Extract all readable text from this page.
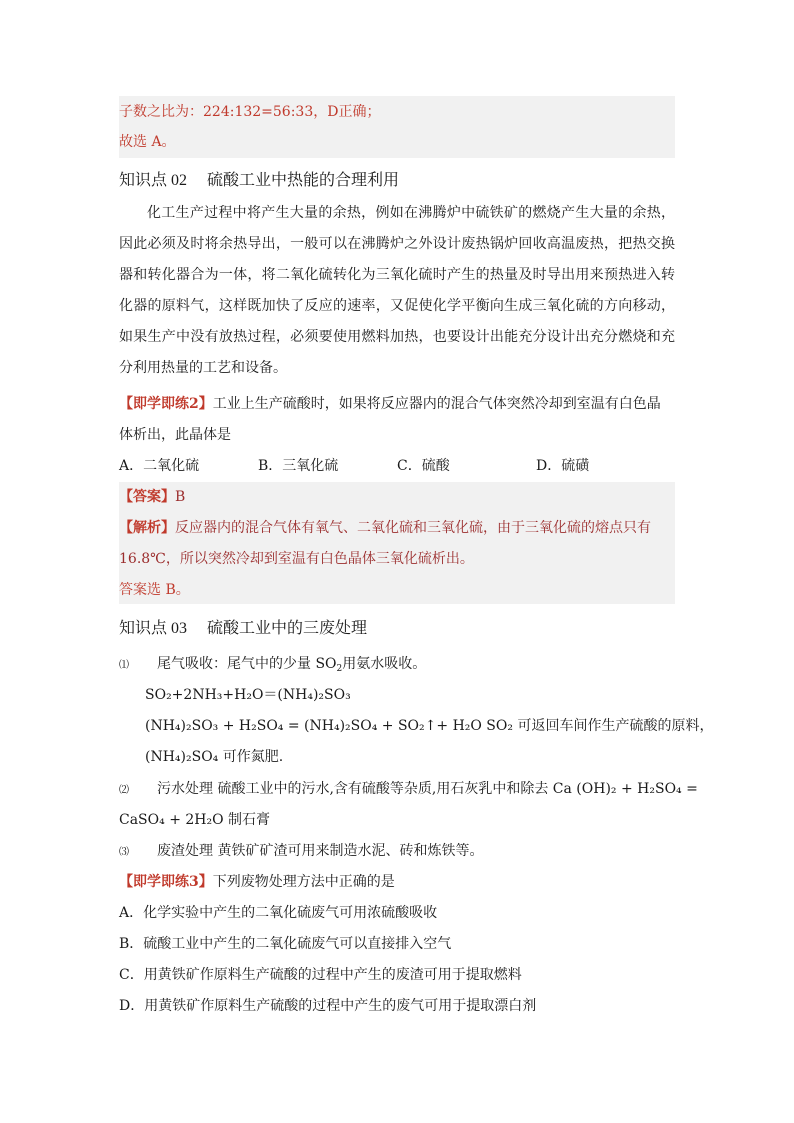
子数之比为：224:132=56:33，D正确；
故选 A。
知识点 02 硫酸工业中热能的合理利用
化工生产过程中将产生大量的余热，例如在沸腾炉中硫铁矿的燃烧产生大量的余热，因此必须及时将余热导出，一般可以在沸腾炉之外设计废热锅炉回收高温废热，把热交换器和转化器合为一体，将二氧化硫转化为三氧化硫时产生的热量及时导出用来预热进入转化器的原料气，这样既加快了反应的速率，又促使化学平衡向生成三氧化硫的方向移动，如果生产中没有放热过程，必须要使用燃料加热，也要设计出能充分设计出充分燃烧和充分利用热量的工艺和设备。
【即学即练2】工业上生产硫酸时，如果将反应器内的混合气体突然冷却到室温有白色晶
体析出，此晶体是
A．二氧化硫	B．三氧化硫	C．硫酸	D．硫磺
【答案】B
【解析】反应器内的混合气体有氧气、二氧化硫和三氧化硫，由于三氧化硫的熔点只有
16.8℃，所以突然冷却到室温有白色晶体三氧化硫析出。
答案选 B。
知识点 03 硫酸工业中的三废处理
⑴ 尾气吸收：尾气中的少量 $SO_2$用氨水吸收。
SO₂+2NH₃+H₂O＝(NH₄)₂SO₃
(NH₄)₂SO₃ + H₂SO₄ = (NH₄)₂SO₄ + SO₂↑+ H₂O SO₂ 可返回车间作生产硫酸的原料，
(NH₄)₂SO₄ 可作氮肥.
⑵ 污水处理 硫酸工业中的污水,含有硫酸等杂质,用石灰乳中和除去 Ca (OH)₂ + H₂SO₄ =
CaSO₄ + 2H₂O 制石膏
⑶ 废渣处理 黄铁矿矿渣可用来制造水泥、砖和炼铁等。
【即学即练3】下列废物处理方法中正确的是
A．化学实验中产生的二氧化硫废气可用浓硫酸吸收
B．硫酸工业中产生的二氧化硫废气可以直接排入空气
C．用黄铁矿作原料生产硫酸的过程中产生的废渣可用于提取燃料
D．用黄铁矿作原料生产硫酸的过程中产生的废气可用于提取漂白剂
